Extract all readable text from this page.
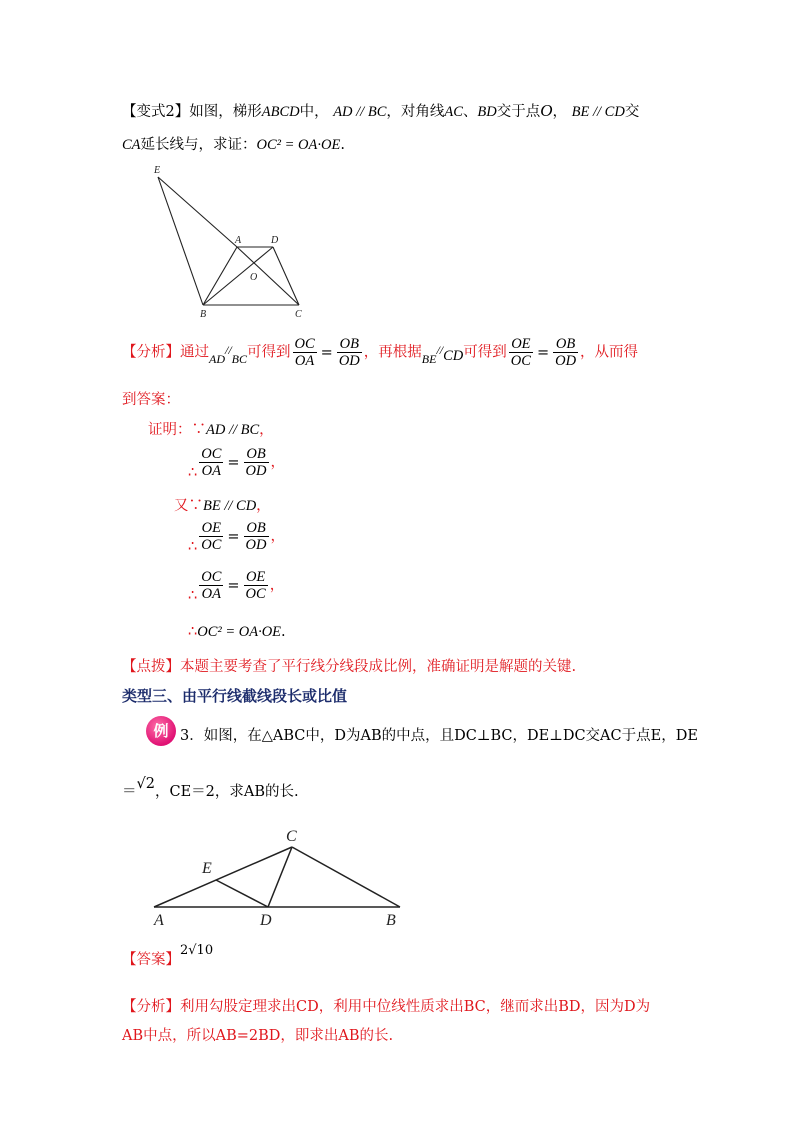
【变式2】如图，梯形ABCD中， AD // BC，对角线AC、BD交于点O， BE // CD交
CA延长线与，求证：OC² = OA·OE.
E
A	D
O
B	C
【分析】通过$_{AD}$//$_{BC}$可得到 $\frac{OC}{OA} = \frac{OB}{OD}$ ，再根据$_{BE}$//CD可得到 $\frac{OE}{OC} = \frac{OB}{OD}$ ，从而得
到答案：
证明：∵AD // BC，
∴ $\frac{OC}{OA} = \frac{OB}{OD}$ ，
又∵BE // CD，
∴ $\frac{OE}{OC} = \frac{OB}{OD}$ ，
∴ $\frac{OC}{OA} = \frac{OE}{OC}$ ，
∴OC² = OA·OE.
【点拨】本题主要考查了平行线分线段成比例，准确证明是解题的关键.
类型三、由平行线截线段长或比值
例 3．如图，在△ABC中，D为AB的中点，且DC⊥BC，DE⊥DC交AC于点E，DE
＝√2，CE＝2，求AB的长.
C
E
A	D	B
【答案】2√10
【分析】利用勾股定理求出CD，利用中位线性质求出BC，继而求出BD，因为D为
AB中点，所以AB=2BD，即求出AB的长.
